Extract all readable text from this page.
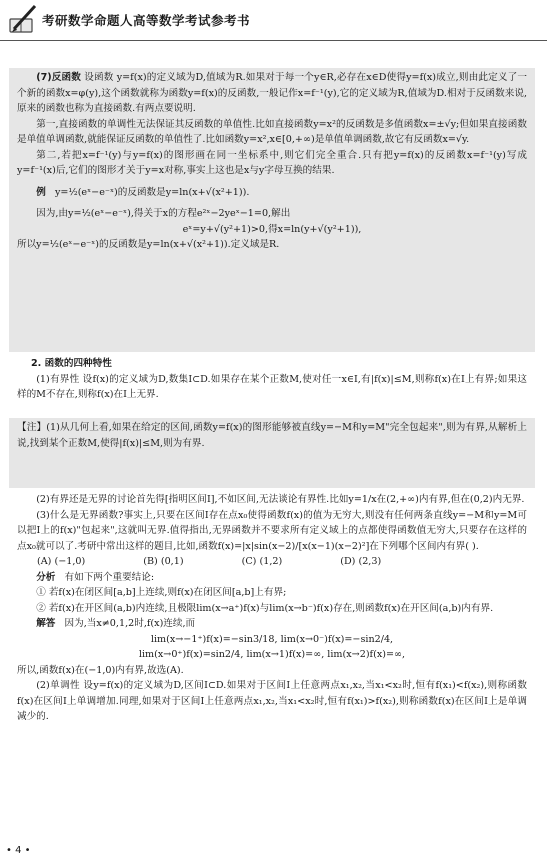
考研数学命题人高等数学考试参考书

(7)反函数 设函数 y=f(x)的定义域为D,值域为R.如果对于每一个y∈R,必存在x∈D使得y=f(x)成立,则由此定义了一个新的函数x=φ(y),这个函数就称为函数y=f(x)的反函数,一般记作x=f⁻¹(y),它的定义域为R,值域为D.相对于反函数来说,原来的函数也称为直接函数.有两点要说明.

第一,直接函数的单调性无法保证其反函数的单值性.比如直接函数y=x²的反函数是多值函数x=±√y;但如果直接函数是单值单调函数,就能保证反函数的单值性了.比如函数y=x²,x∈[0,+∞)是单值单调函数,故它有反函数x=√y.

第二,若把x=f⁻¹(y)与y=f(x)的图形画在同一坐标系中,则它们完全重合.只有把y=f(x)的反函数x=f⁻¹(y)写成y=f⁻¹(x)后,它们的图形才关于y=x对称,事实上这也是x与y字母互换的结果.

例 y=½(eˣ−e⁻ˣ)的反函数是y=ln(x+√(x²+1)).

因为,由y=½(eˣ−e⁻ˣ),得关于x的方程e²ˣ−2yeˣ−1=0,解出

eˣ=y+√(y²+1)>0,得x=ln(y+√(y²+1)),

所以y=½(eˣ−e⁻ˣ)的反函数是y=ln(x+√(x²+1)).定义域是R.

2. 函数的四种特性

(1)有界性 设f(x)的定义域为D,数集I⊂D.如果存在某个正数M,使对任一x∈I,有|f(x)|≤M,则称f(x)在I上有界;如果这样的M不存在,则称f(x)在I上无界.

【注】(1)从几何上看,如果在给定的区间,函数y=f(x)的图形能够被直线y=−M和y=M"完全包起来",则为有界,从解析上说,找到某个正数M,使得|f(x)|≤M,则为有界.

(2)有界还是无界的讨论首先得[指明区间I],不如区间,无法谈论有界性.比如y=1/x在(2,+∞)内有界,但在(0,2)内无界.

(3)什么是无界函数?事实上,只要在区间I存在点x₀使得函数f(x)的值为无穷大,则没有任何两条直线y=−M和y=M可以把I上的f(x)"包起来",这就叫无界.值得指出,无界函数并不要求所有定义域上的点都使得函数值无穷大,只要存在这样的点x₀就可以了.考研中常出这样的题目,比如,函数f(x)=|x|sin(x−2)/[x(x−1)(x−2)²]在下列哪个区间内有界( ).

(A) (−1,0)	(B) (0,1)	(C) (1,2)	(D) (2,3)

分析 有如下两个重要结论:

① 若f(x)在闭区间[a,b]上连续,则f(x)在闭区间[a,b]上有界;

② 若f(x)在开区间(a,b)内连续,且极限lim(x→a⁺)f(x)与lim(x→b⁻)f(x)存在,则函数f(x)在开区间(a,b)内有界.

解答 因为,当x≠0,1,2时,f(x)连续,而

lim(x→−1⁺)f(x)=−sin3/18, lim(x→0⁻)f(x)=−sin2/4,

lim(x→0⁺)f(x)=sin2/4, lim(x→1)f(x)=∞, lim(x→2)f(x)=∞,

所以,函数f(x)在(−1,0)内有界,故选(A).

(2)单调性 设y=f(x)的定义域为D,区间I⊂D.如果对于区间I上任意两点x₁,x₂,当x₁<x₂时,恒有f(x₁)<f(x₂),则称函数f(x)在区间I上单调增加.同理,如果对于区间I上任意两点x₁,x₂,当x₁<x₂时,恒有f(x₁)>f(x₂),则称函数f(x)在区间I上是单调减少的.

• 4 •
